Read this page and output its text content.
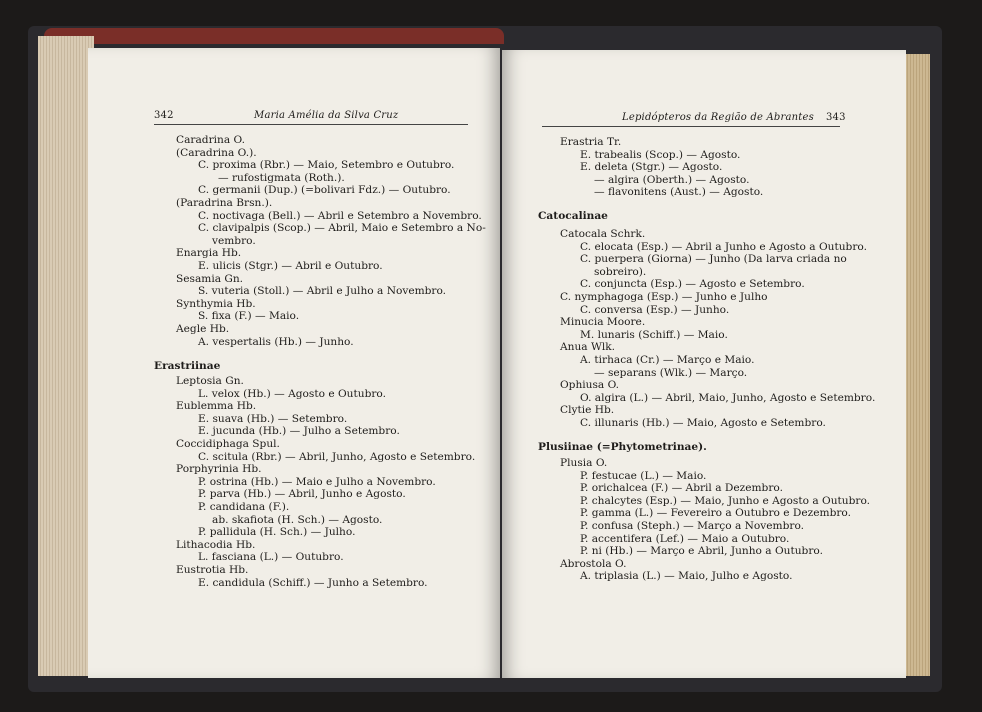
342	Maria Amélia da Silva Cruz
Caradrina O.
(Caradrina O.).
C. proxima (Rbr.) — Maio, Setembro e Outubro.
— rufostigmata (Roth.).
C. germanii (Dup.) (=bolivari Fdz.) — Outubro.
(Paradrina Brsn.).
C. noctivaga (Bell.) — Abril e Setembro a Novembro.
C. clavipalpis (Scop.) — Abril, Maio e Setembro a No-
vembro.
Enargia Hb.
E. ulicis (Stgr.) — Abril e Outubro.
Sesamia Gn.
S. vuteria (Stoll.) — Abril e Julho a Novembro.
Synthymia Hb.
S. fixa (F.) — Maio.
Aegle Hb.
A. vespertalis (Hb.) — Junho.
Erastriinae
Leptosia Gn.
L. velox (Hb.) — Agosto e Outubro.
Eublemma Hb.
E. suava (Hb.) — Setembro.
E. jucunda (Hb.) — Julho a Setembro.
Coccidiphaga Spul.
C. scitula (Rbr.) — Abril, Junho, Agosto e Setembro.
Porphyrinia Hb.
P. ostrina (Hb.) — Maio e Julho a Novembro.
P. parva (Hb.) — Abril, Junho e Agosto.
P. candidana (F.).
ab. skafiota (H. Sch.) — Agosto.
P. pallidula (H. Sch.) — Julho.
Lithacodia Hb.
L. fasciana (L.) — Outubro.
Eustrotia Hb.
E. candidula (Schiff.) — Junho a Setembro.
Lepidópteros da Região de Abrantes 343
Erastria Tr.
E. trabealis (Scop.) — Agosto.
E. deleta (Stgr.) — Agosto.
— algira (Oberth.) — Agosto.
— flavonitens (Aust.) — Agosto.
Catocalinae
Catocala Schrk.
C. elocata (Esp.) — Abril a Junho e Agosto a Outubro.
C. puerpera (Giorna) — Junho (Da larva criada no
sobreiro).
C. conjuncta (Esp.) — Agosto e Setembro.
C. nymphagoga (Esp.) — Junho e Julho
C. conversa (Esp.) — Junho.
Minucia Moore.
M. lunaris (Schiff.) — Maio.
Anua Wlk.
A. tirhaca (Cr.) — Março e Maio.
— separans (Wlk.) — Março.
Ophiusa O.
O. algira (L.) — Abril, Maio, Junho, Agosto e Setembro.
Clytie Hb.
C. illunaris (Hb.) — Maio, Agosto e Setembro.
Plusiinae (=Phytometrinae).
Plusia O.
P. festucae (L.) — Maio.
P. orichalcea (F.) — Abril a Dezembro.
P. chalcytes (Esp.) — Maio, Junho e Agosto a Outubro.
P. gamma (L.) — Fevereiro a Outubro e Dezembro.
P. confusa (Steph.) — Março a Novembro.
P. accentifera (Lef.) — Maio a Outubro.
P. ni (Hb.) — Março e Abril, Junho a Outubro.
Abrostola O.
A. triplasia (L.) — Maio, Julho e Agosto.
